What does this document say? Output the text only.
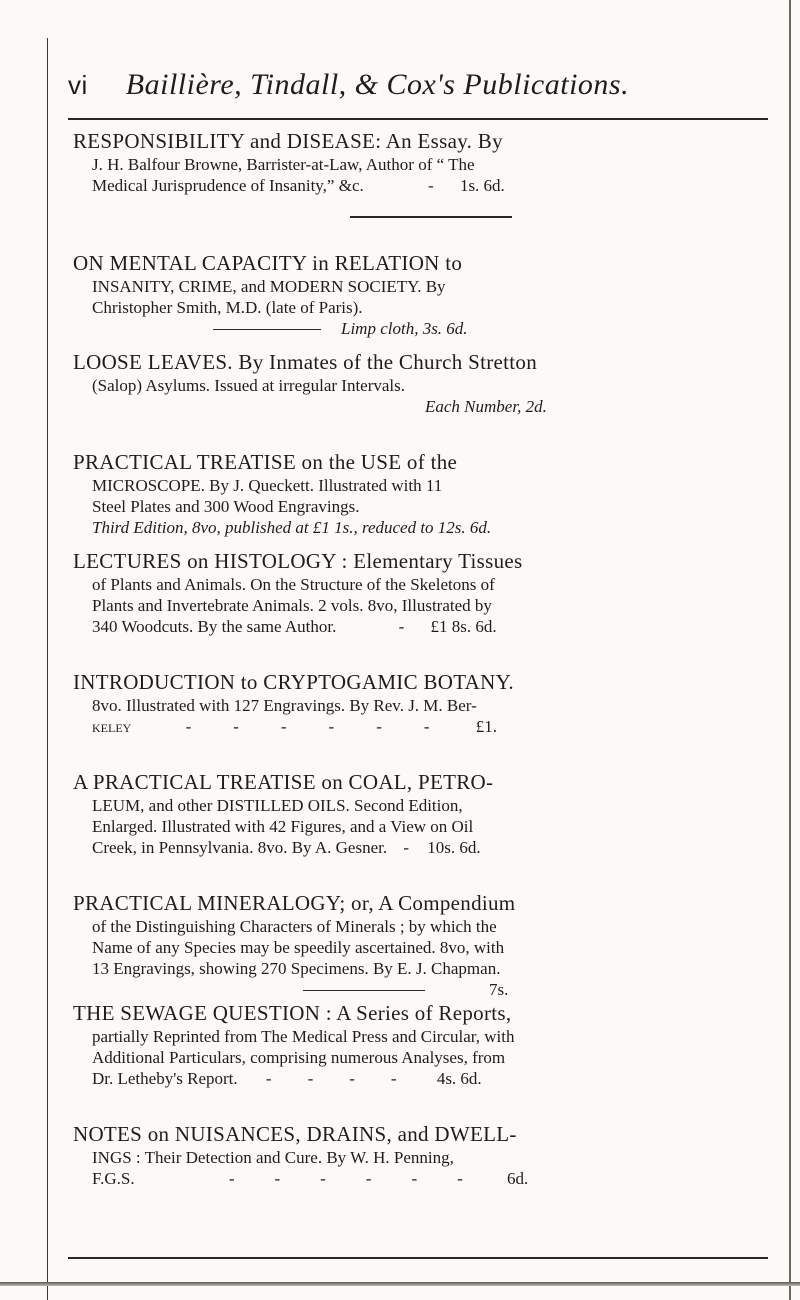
vi Baillière, Tindall, & Cox's Publications.
RESPONSIBILITY and DISEASE: An Essay. By
J. H. Balfour Browne, Barrister-at-Law, Author of “ The
Medical Jurisprudence of Insanity,” &c.	- 1s. 6d.
ON MENTAL CAPACITY in RELATION to
INSANITY, CRIME, and MODERN SOCIETY. By
Christopher Smith, M.D. (late of Paris).
Limp cloth, 3s. 6d.
LOOSE LEAVES. By Inmates of the Church Stretton
(Salop) Asylums. Issued at irregular Intervals.
Each Number, 2d.
PRACTICAL TREATISE on the USE of the
MICROSCOPE. By J. Queckett. Illustrated with 11
Steel Plates and 300 Wood Engravings.
Third Edition, 8vo, published at £1 1s., reduced to 12s. 6d.
LECTURES on HISTOLOGY : Elementary Tissues
of Plants and Animals. On the Structure of the Skeletons of
Plants and Invertebrate Animals. 2 vols. 8vo, Illustrated by
340 Woodcuts. By the same Author.	- £1 8s. 6d.
INTRODUCTION to CRYPTOGAMIC BOTANY.
8vo. Illustrated with 127 Engravings. By Rev. J. M. Ber-
keley	------ £1.
A PRACTICAL TREATISE on COAL, PETRO-
LEUM, and other DISTILLED OILS. Second Edition,
Enlarged. Illustrated with 42 Figures, and a View on Oil
Creek, in Pennsylvania. 8vo. By A. Gesner. - 10s. 6d.
PRACTICAL MINERALOGY; or, A Compendium
of the Distinguishing Characters of Minerals ; by which the
Name of any Species may be speedily ascertained. 8vo, with
13 Engravings, showing 270 Specimens. By E. J. Chapman.
7s.
THE SEWAGE QUESTION : A Series of Reports,
partially Reprinted from The Medical Press and Circular, with
Additional Particulars, comprising numerous Analyses, from
Dr. Letheby's Report. ---- 4s. 6d.
NOTES on NUISANCES, DRAINS, and DWELL-
INGS : Their Detection and Cure. By W. H. Penning,
F.G.S.	------ 6d.
